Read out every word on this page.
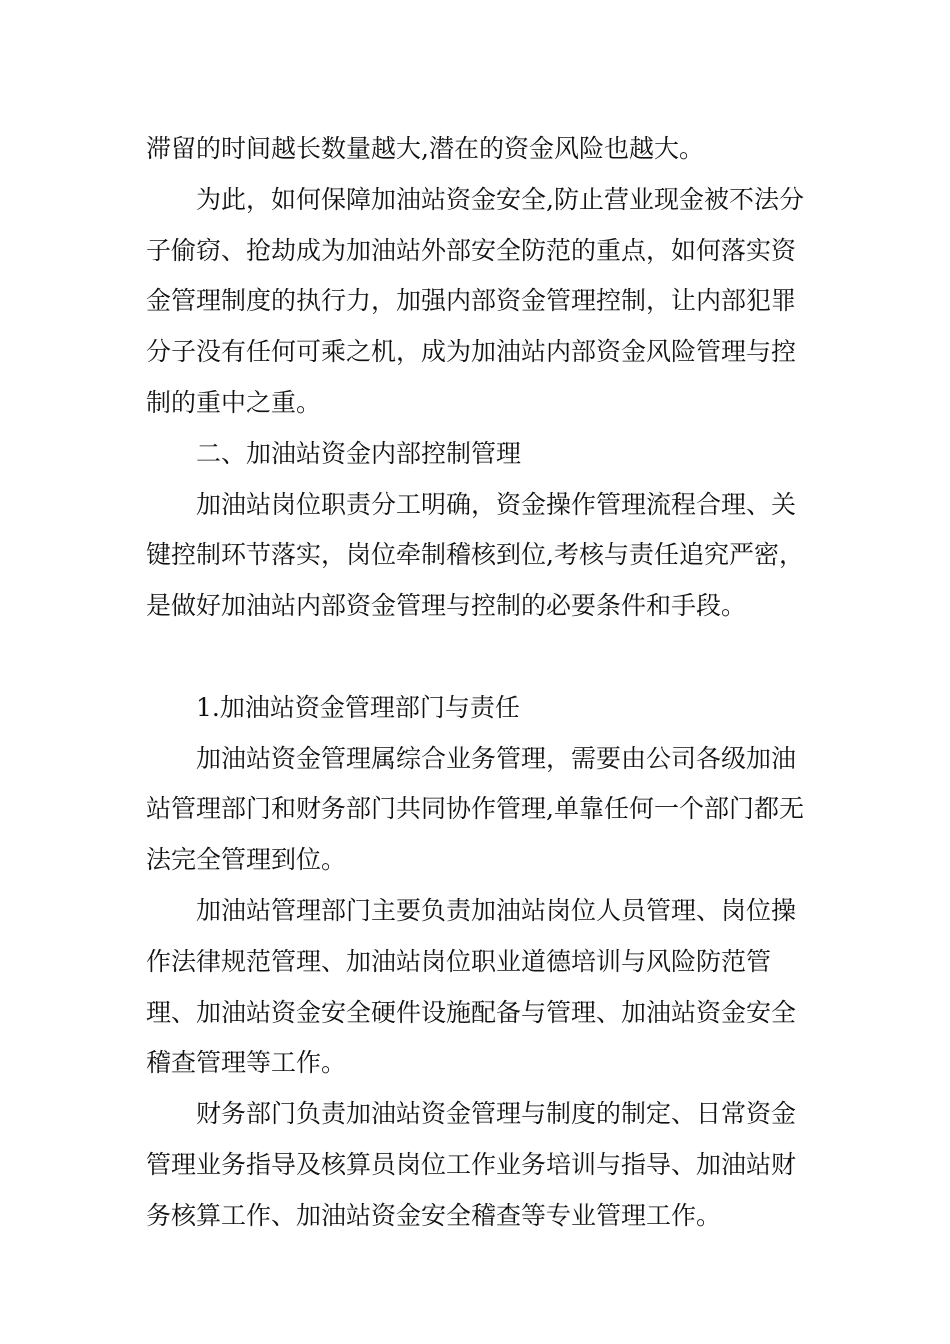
滞留的时间越长数量越大,潜在的资金风险也越大。

为此，如何保障加油站资金安全,防止营业现金被不法分子偷窃、抢劫成为加油站外部安全防范的重点，如何落实资金管理制度的执行力，加强内部资金管理控制，让内部犯罪分子没有任何可乘之机，成为加油站内部资金风险管理与控制的重中之重。

二、加油站资金内部控制管理

加油站岗位职责分工明确，资金操作管理流程合理、关键控制环节落实，岗位牵制稽核到位,考核与责任追究严密，是做好加油站内部资金管理与控制的必要条件和手段。

1.加油站资金管理部门与责任

加油站资金管理属综合业务管理，需要由公司各级加油站管理部门和财务部门共同协作管理,单靠任何一个部门都无法完全管理到位。

加油站管理部门主要负责加油站岗位人员管理、岗位操作法律规范管理、加油站岗位职业道德培训与风险防范管理、加油站资金安全硬件设施配备与管理、加油站资金安全稽查管理等工作。

财务部门负责加油站资金管理与制度的制定、日常资金管理业务指导及核算员岗位工作业务培训与指导、加油站财务核算工作、加油站资金安全稽查等专业管理工作。
